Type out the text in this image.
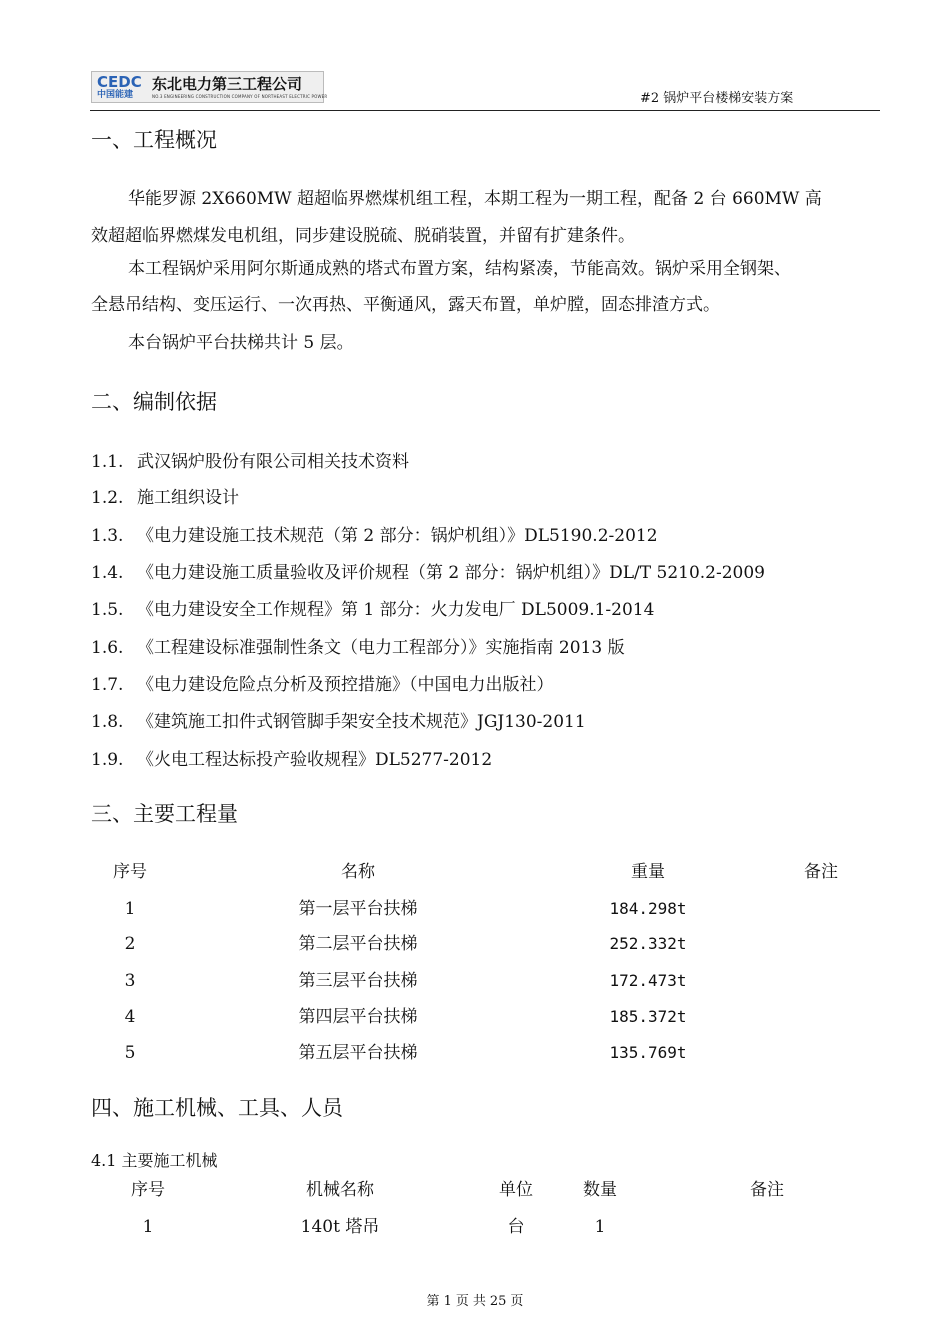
CEDC
中国能建
东北电力第三工程公司
NO.3 ENGINEERING CONSTRUCTION COMPANY OF NORTHEAST ELECTRIC POWER	#2 锅炉平台楼梯安装方案
一、工程概况
华能罗源 2X660MW 超超临界燃煤机组工程，本期工程为一期工程，配备 2 台 660MW 高
效超超临界燃煤发电机组，同步建设脱硫、脱硝装置，并留有扩建条件。
本工程锅炉采用阿尔斯通成熟的塔式布置方案，结构紧凑，节能高效。锅炉采用全钢架、
全悬吊结构、变压运行、一次再热、平衡通风，露天布置，单炉膛，固态排渣方式。
本台锅炉平台扶梯共计 5 层。
二、编制依据
1.1. 武汉锅炉股份有限公司相关技术资料
1.2. 施工组织设计
1.3. 《电力建设施工技术规范（第 2 部分：锅炉机组）》DL5190.2-2012
1.4. 《电力建设施工质量验收及评价规程（第 2 部分：锅炉机组）》DL/T 5210.2-2009
1.5. 《电力建设安全工作规程》第 1 部分：火力发电厂 DL5009.1-2014
1.6. 《工程建设标准强制性条文（电力工程部分）》实施指南 2013 版
1.7. 《电力建设危险点分析及预控措施》（中国电力出版社）
1.8. 《建筑施工扣件式钢管脚手架安全技术规范》JGJ130-2011
1.9. 《火电工程达标投产验收规程》DL5277-2012
三、主要工程量
序号	名称	重量	备注
1	第一层平台扶梯	184.298t
2	第二层平台扶梯	252.332t
3	第三层平台扶梯	172.473t
4	第四层平台扶梯	185.372t
5	第五层平台扶梯	135.769t
四、施工机械、工具、人员
4.1 主要施工机械
序号	机械名称	单位	数量	备注
1	140t 塔吊	台	1
第 1 页 共 25 页
